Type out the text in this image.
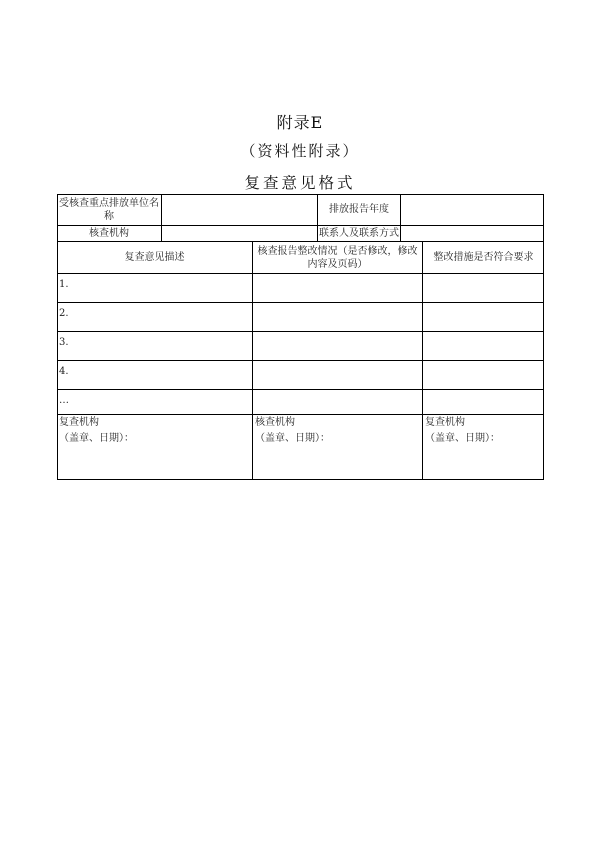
附录E
（资料性附录）
复查意见格式
受核查重点排放单位名称
排放报告年度
核查机构	联系人及联系方式
复查意见描述
核查报告整改情况（是否修改，修改内容及页码）
整改措施是否符合要求
1.
2.
3.
4.
…
复查机构
（盖章、日期）：
核查机构
（盖章、日期）：
复查机构
（盖章、日期）：
